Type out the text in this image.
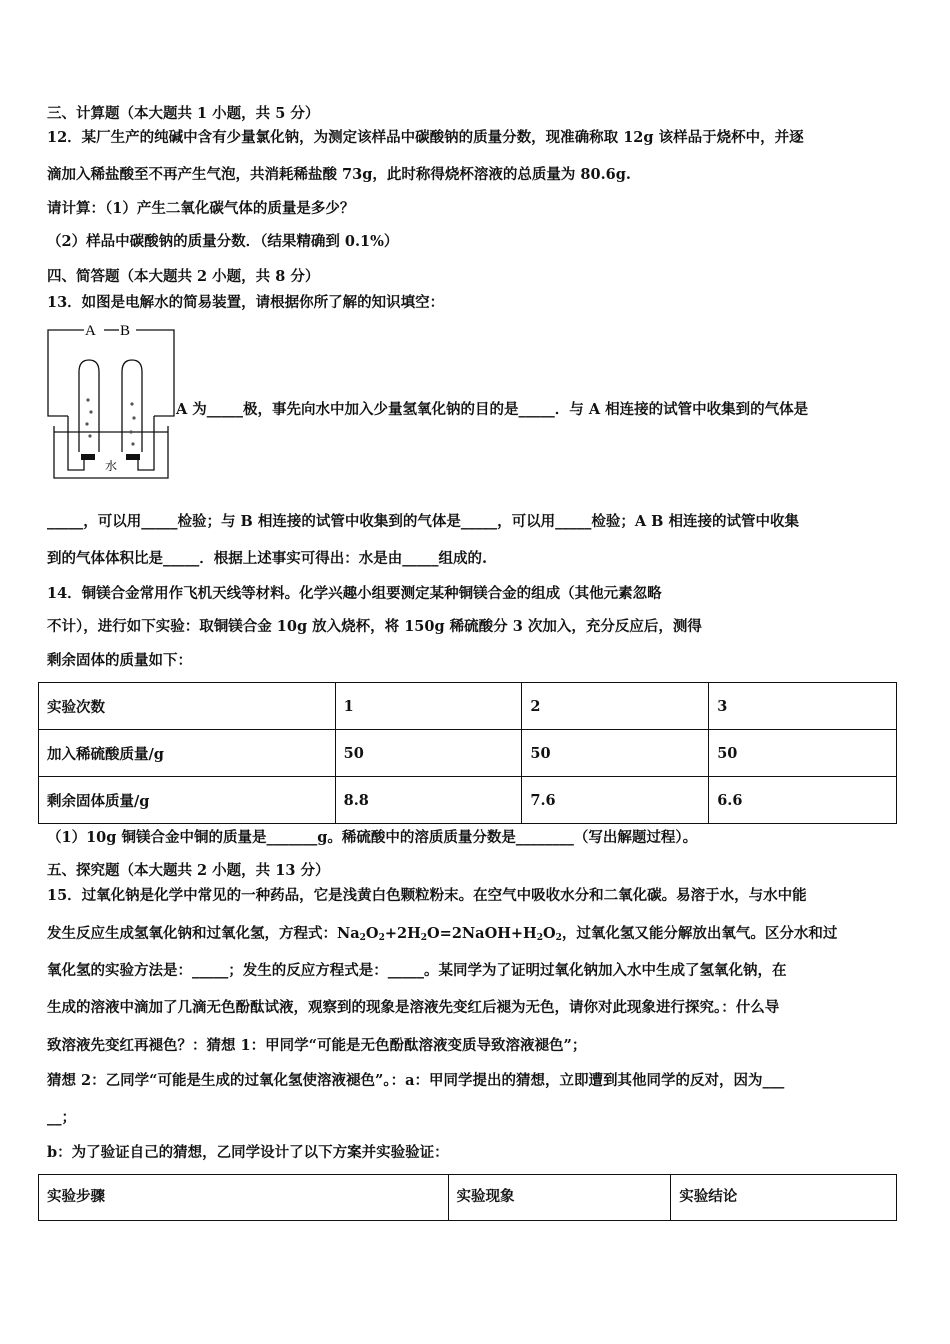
三、计算题（本大题共 1 小题，共 5 分）
12．某厂生产的纯碱中含有少量氯化钠，为测定该样品中碳酸钠的质量分数，现准确称取 12g 该样品于烧杯中，并逐
滴加入稀盐酸至不再产生气泡，共消耗稀盐酸 73g，此时称得烧杯溶液的总质量为 80.6g.
请计算：（1）产生二氧化碳气体的质量是多少？
（2）样品中碳酸钠的质量分数．（结果精确到 0.1%）
四、简答题（本大题共 2 小题，共 8 分）
13．如图是电解水的简易装置，请根据你所了解的知识填空：
A B
水
A 为_____极，事先向水中加入少量氢氧化钠的目的是_____．与 A 相连接的试管中收集到的气体是
_____，可以用_____检验；与 B 相连接的试管中收集到的气体是_____，可以用_____检验；A B 相连接的试管中收集
到的气体体积比是_____．根据上述事实可得出：水是由_____组成的.
14．铜镁合金常用作飞机天线等材料。化学兴趣小组要测定某种铜镁合金的组成（其他元素忽略
不计），进行如下实验：取铜镁合金 10g 放入烧杯，将 150g 稀硫酸分 3 次加入，充分反应后，测得
剩余固体的质量如下：
实验次数	1	2	3
加入稀硫酸质量/g	50	50	50
剩余固体质量/g	8.8	7.6	6.6
（1）10g 铜镁合金中铜的质量是_______g。稀硫酸中的溶质质量分数是________（写出解题过程）。
五、探究题（本大题共 2 小题，共 13 分）
15．过氧化钠是化学中常见的一种药品，它是浅黄白色颗粒粉末。在空气中吸收水分和二氧化碳。易溶于水，与水中能
发生反应生成氢氧化钠和过氧化氢，方程式：$Na_2O_2+2H_2O=2NaOH+H_2O_2$，过氧化氢又能分解放出氧气。区分水和过
氧化氢的实验方法是：_____；发生的反应方程式是：_____。某同学为了证明过氧化钠加入水中生成了氢氧化钠，在
生成的溶液中滴加了几滴无色酚酞试液，观察到的现象是溶液先变红后褪为无色，请你对此现象进行探究。：什么导
致溶液先变红再褪色？：猜想 1：甲同学“可能是无色酚酞溶液变质导致溶液褪色”；
猜想 2：乙同学“可能是生成的过氧化氢使溶液褪色”。：a：甲同学提出的猜想，立即遭到其他同学的反对，因为___
__；
b：为了验证自己的猜想，乙同学设计了以下方案并实验验证：
实验步骤	实验现象	实验结论
